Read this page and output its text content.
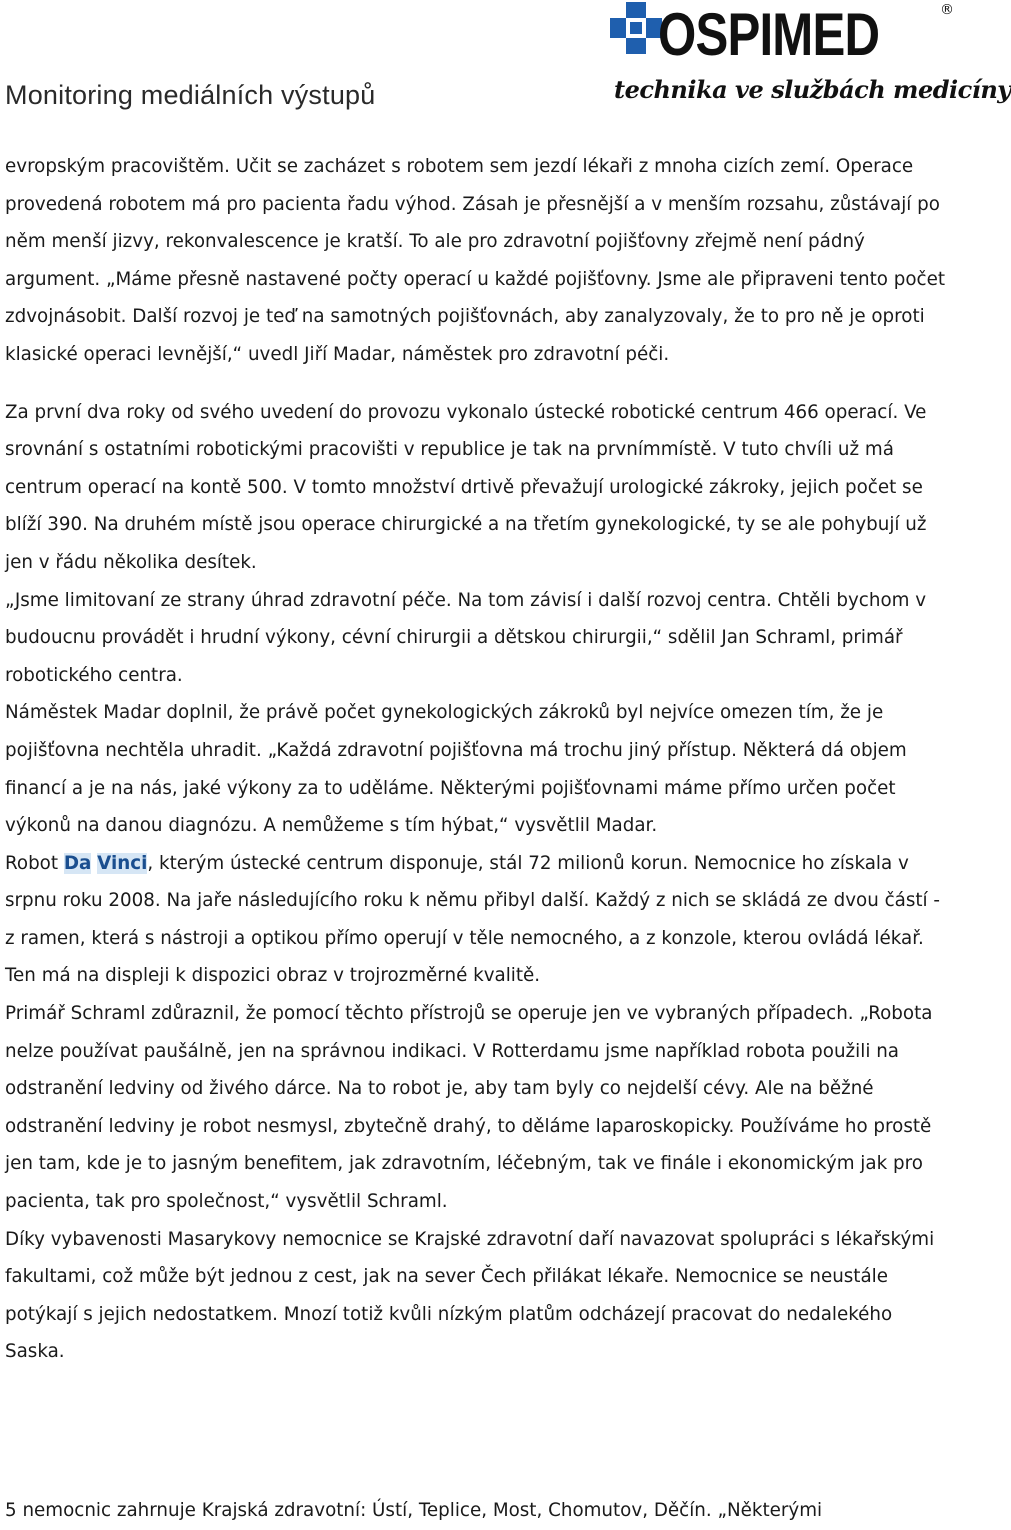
Monitoring mediálních výstupů
OSPIMED	®
technika ve službách medicíny

evropským pracovištěm. Učit se zacházet s robotem sem jezdí lékaři z mnoha cizích zemí. Operace provedená robotem má pro pacienta řadu výhod. Zásah je přesnější a v menším rozsahu, zůstávají po něm menší jizvy, rekonvalescence je kratší. To ale pro zdravotní pojišťovny zřejmě není pádný argument. „Máme přesně nastavené počty operací u každé pojišťovny. Jsme ale připraveni tento počet zdvojnásobit. Další rozvoj je teď na samotných pojišťovnách, aby zanalyzovaly, že to pro ně je oproti klasické operaci levnější,“ uvedl Jiří Madar, náměstek pro zdravotní péči.

Za první dva roky od svého uvedení do provozu vykonalo ústecké robotické centrum 466 operací. Ve srovnání s ostatními robotickými pracovišti v republice je tak na prvnímmístě. V tuto chvíli už má centrum operací na kontě 500. V tomto množství drtivě převažují urologické zákroky, jejich počet se blíží 390. Na druhém místě jsou operace chirurgické a na třetím gynekologické, ty se ale pohybují už jen v řádu několika desítek.

„Jsme limitovaní ze strany úhrad zdravotní péče. Na tom závisí i další rozvoj centra. Chtěli bychom v budoucnu provádět i hrudní výkony, cévní chirurgii a dětskou chirurgii,“ sdělil Jan Schraml, primář robotického centra.

Náměstek Madar doplnil, že právě počet gynekologických zákroků byl nejvíce omezen tím, že je pojišťovna nechtěla uhradit. „Každá zdravotní pojišťovna má trochu jiný přístup. Některá dá objem financí a je na nás, jaké výkony za to uděláme. Některými pojišťovnami máme přímo určen počet výkonů na danou diagnózu. A nemůžeme s tím hýbat,“ vysvětlil Madar.

Robot Da Vinci, kterým ústecké centrum disponuje, stál 72 milionů korun. Nemocnice ho získala v srpnu roku 2008. Na jaře následujícího roku k němu přibyl další. Každý z nich se skládá ze dvou částí - z ramen, která s nástroji a optikou přímo operují v těle nemocného, a z konzole, kterou ovládá lékař. Ten má na displeji k dispozici obraz v trojrozměrné kvalitě.

Primář Schraml zdůraznil, že pomocí těchto přístrojů se operuje jen ve vybraných případech. „Robota nelze používat paušálně, jen na správnou indikaci. V Rotterdamu jsme například robota použili na odstranění ledviny od živého dárce. Na to robot je, aby tam byly co nejdelší cévy. Ale na běžné odstranění ledviny je robot nesmysl, zbytečně drahý, to děláme laparoskopicky. Používáme ho prostě jen tam, kde je to jasným benefitem, jak zdravotním, léčebným, tak ve finále i ekonomickým jak pro pacienta, tak pro společnost,“ vysvětlil Schraml.

Díky vybavenosti Masarykovy nemocnice se Krajské zdravotní daří navazovat spolupráci s lékařskými fakultami, což může být jednou z cest, jak na sever Čech přilákat lékaře. Nemocnice se neustále potýkají s jejich nedostatkem. Mnozí totiž kvůli nízkým platům odcházejí pracovat do nedalekého Saska.

5 nemocnic zahrnuje Krajská zdravotní: Ústí, Teplice, Most, Chomutov, Děčín. „Některými
